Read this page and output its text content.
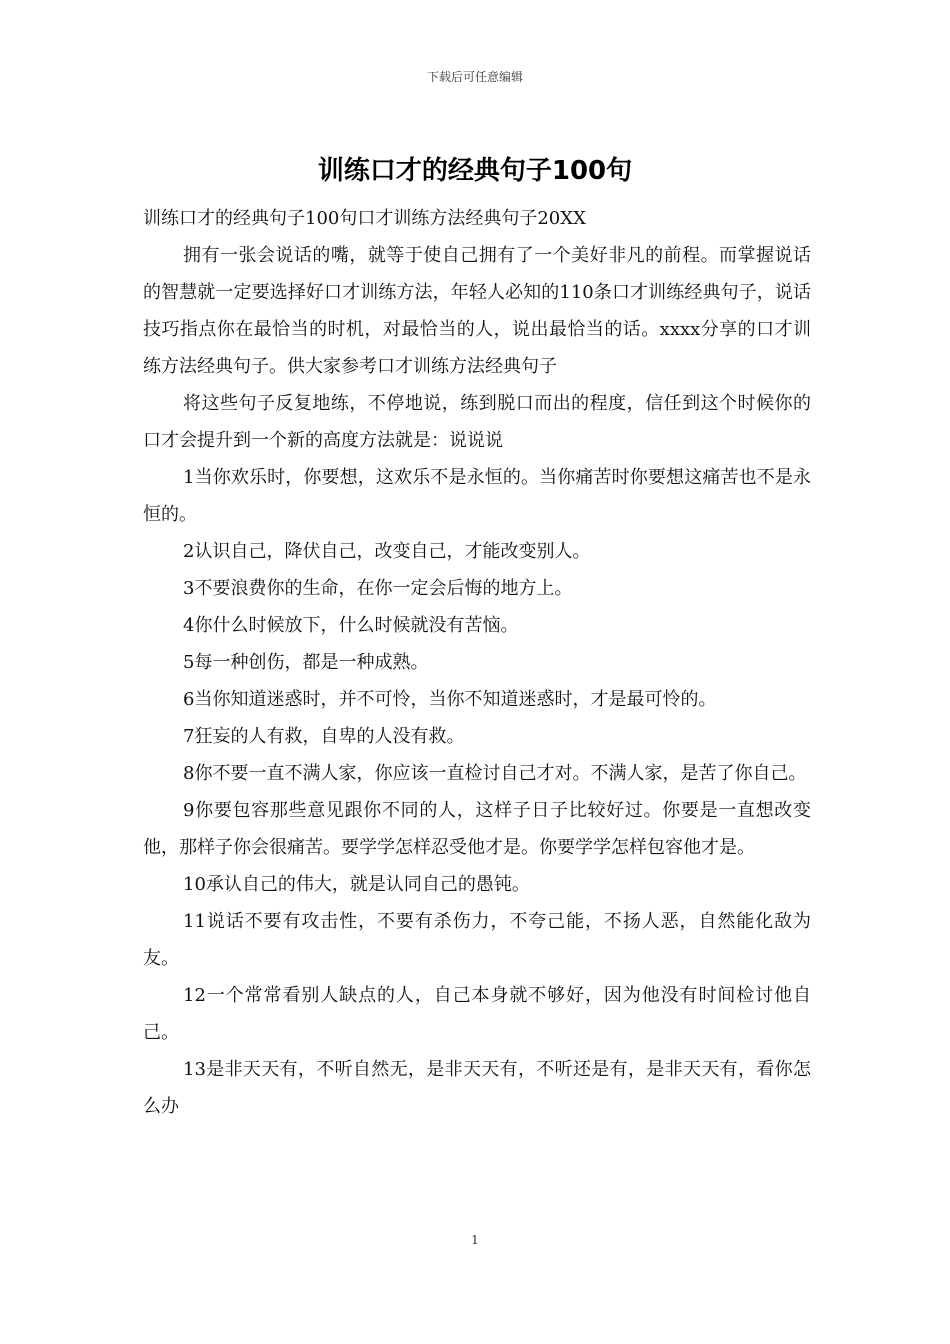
下载后可任意编辑
训练口才的经典句子100句

训练口才的经典句子100句口才训练方法经典句子20XX

拥有一张会说话的嘴，就等于使自己拥有了一个美好非凡的前程。而掌握说话的智慧就一定要选择好口才训练方法，年轻人必知的110条口才训练经典句子，说话技巧指点你在最恰当的时机，对最恰当的人，说出最恰当的话。xxxx分享的口才训练方法经典句子。供大家参考口才训练方法经典句子

将这些句子反复地练，不停地说，练到脱口而出的程度，信任到这个时候你的口才会提升到一个新的高度方法就是：说说说

1当你欢乐时，你要想，这欢乐不是永恒的。当你痛苦时你要想这痛苦也不是永恒的。

2认识自己，降伏自己，改变自己，才能改变别人。

3不要浪费你的生命，在你一定会后悔的地方上。

4你什么时候放下，什么时候就没有苦恼。

5每一种创伤，都是一种成熟。

6当你知道迷惑时，并不可怜，当你不知道迷惑时，才是最可怜的。

7狂妄的人有救，自卑的人没有救。

8你不要一直不满人家，你应该一直检讨自己才对。不满人家，是苦了你自己。

9你要包容那些意见跟你不同的人，这样子日子比较好过。你要是一直想改变他，那样子你会很痛苦。要学学怎样忍受他才是。你要学学怎样包容他才是。

10承认自己的伟大，就是认同自己的愚钝。

11说话不要有攻击性，不要有杀伤力，不夸己能，不扬人恶，自然能化敌为友。

12一个常常看别人缺点的人，自己本身就不够好，因为他没有时间检讨他自己。

13是非天天有，不听自然无，是非天天有，不听还是有，是非天天有，看你怎么办

1
